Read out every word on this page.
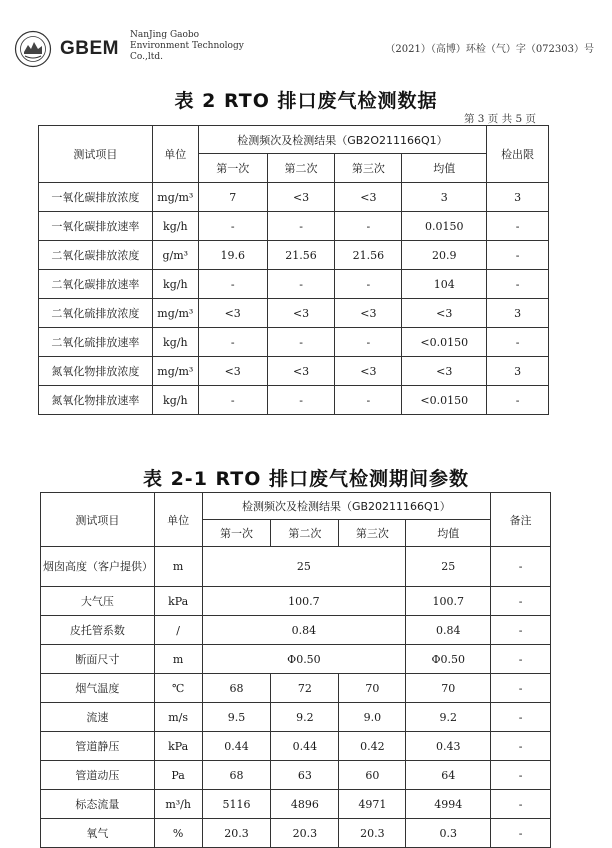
GBEM
NanJing Gaobo
Environment Technology
Co.,ltd.
（2021）（高博）环检（气）字（072303）号
表 2 RTO 排口废气检测数据
第 3 页 共 5 页
测试项目	单位	检测频次及检测结果（GB2O211166Q1）				检出限
		第一次	第二次	第三次	均值	
一氧化碳排放浓度	mg/m³	7	<3	<3	3	3
一氧化碳排放速率	kg/h	-	-	-	0.0150	-
二氧化碳排放浓度	g/m³	19.6	21.56	21.56	20.9	-
二氧化碳排放速率	kg/h	-	-	-	104	-
二氧化硫排放浓度	mg/m³	<3	<3	<3	<3	3
二氧化硫排放速率	kg/h	-	-	-	<0.0150	-
氮氧化物排放浓度	mg/m³	<3	<3	<3	<3	3
氮氧化物排放速率	kg/h	-	-	-	<0.0150	-
表 2-1 RTO 排口废气检测期间参数
测试项目	单位	检测频次及检测结果（GB20211166Q1）				备注
		第一次	第二次	第三次	均值	
烟囱高度（客户提供）	m	25			25	-
大气压	kPa	100.7			100.7	-
皮托管系数	/	0.84			0.84	-
断面尺寸	m	Φ0.50			Φ0.50	-
烟气温度	℃	68	72	70	70	-
流速	m/s	9.5	9.2	9.0	9.2	-
管道静压	kPa	0.44	0.44	0.42	0.43	-
管道动压	Pa	68	63	60	64	-
标态流量	m³/h	5116	4896	4971	4994	-
氧气	%	20.3	20.3	20.3	0.3	-
